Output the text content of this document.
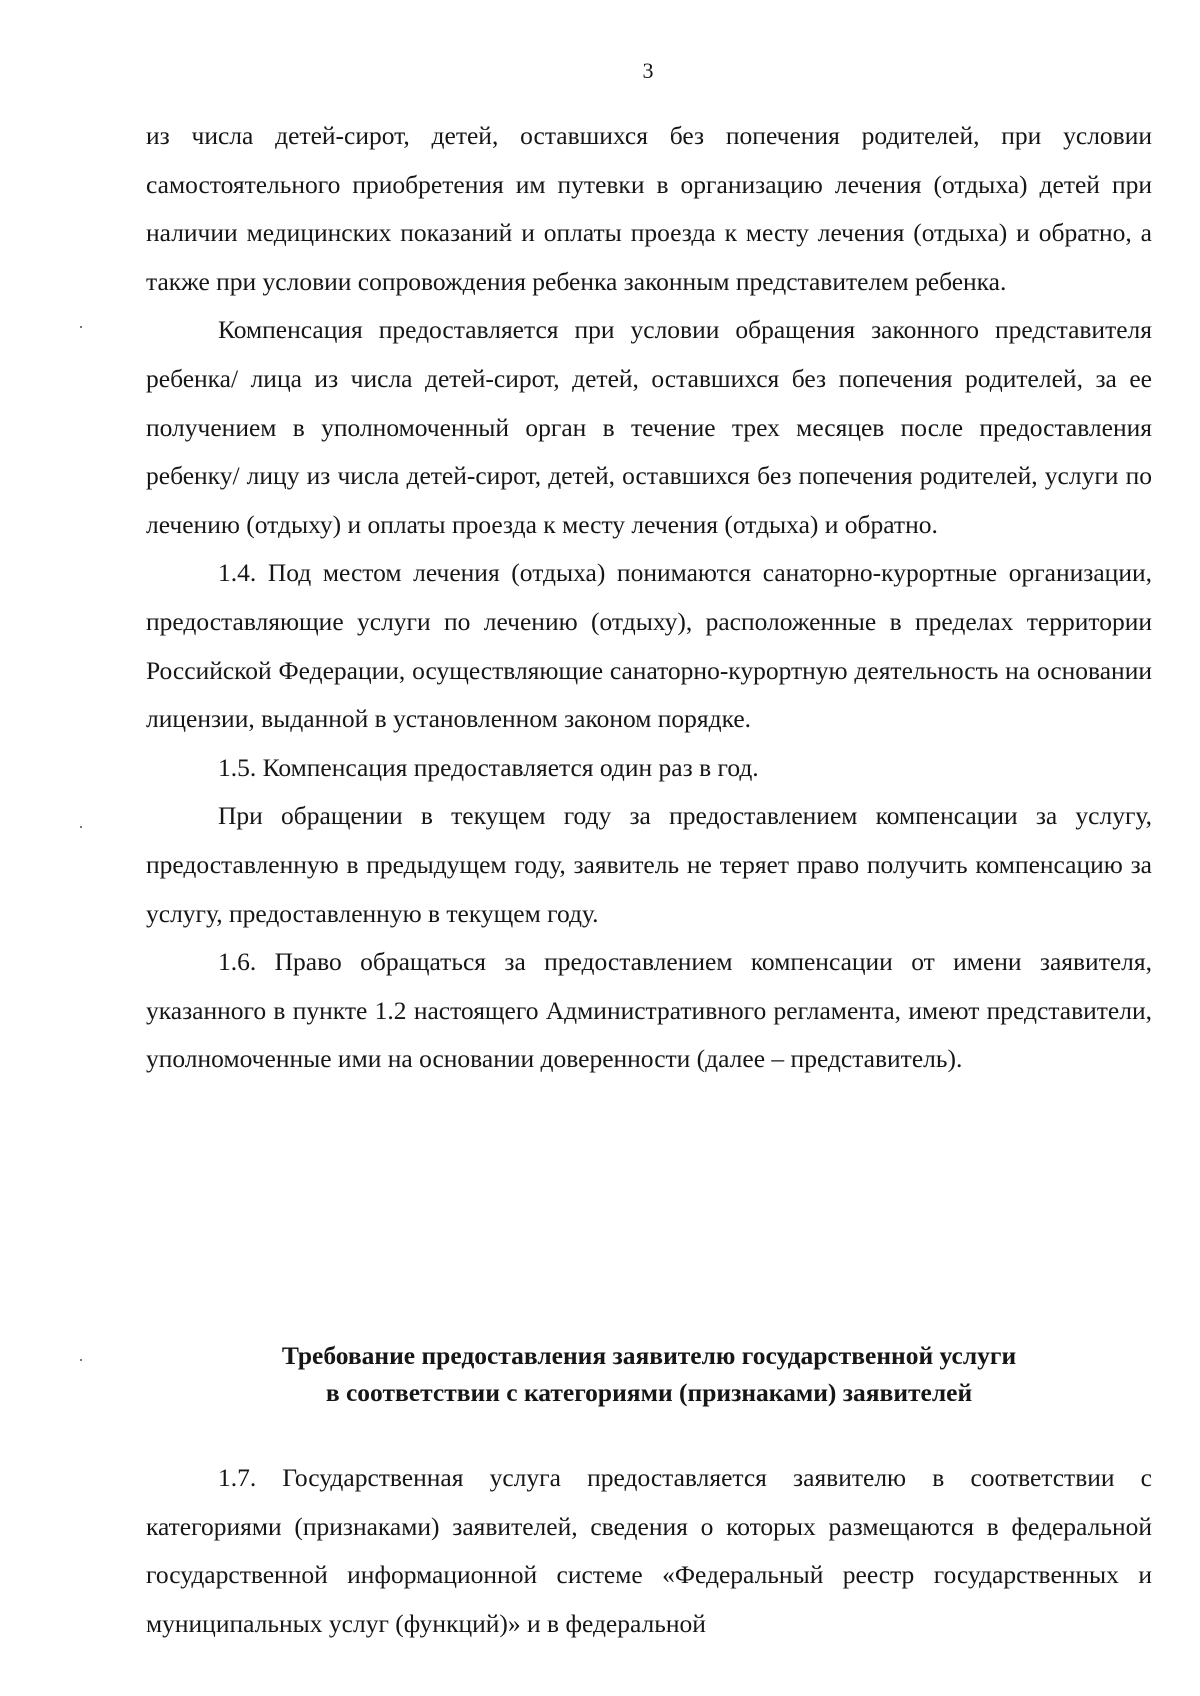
3

из числа детей-сирот, детей, оставшихся без попечения родителей, при условии самостоятельного приобретения им путевки в организацию лечения (отдыха) детей при наличии медицинских показаний и оплаты проезда к месту лечения (отдыха) и обратно, а также при условии сопровождения ребенка законным представителем ребенка.

Компенсация предоставляется при условии обращения законного представителя ребенка/ лица из числа детей-сирот, детей, оставшихся без попечения родителей, за ее получением в уполномоченный орган в течение трех месяцев после предоставления ребенку/ лицу из числа детей-сирот, детей, оставшихся без попечения родителей, услуги по лечению (отдыху) и оплаты проезда к месту лечения (отдыха) и обратно.

1.4. Под местом лечения (отдыха) понимаются санаторно-курортные организации, предоставляющие услуги по лечению (отдыху), расположенные в пределах территории Российской Федерации, осуществляющие санаторно-курортную деятельность на основании лицензии, выданной в установленном законом порядке.

1.5. Компенсация предоставляется один раз в год.

При обращении в текущем году за предоставлением компенсации за услугу, предоставленную в предыдущем году, заявитель не теряет право получить компенсацию за услугу, предоставленную в текущем году.

1.6. Право обращаться за предоставлением компенсации от имени заявителя, указанного в пункте 1.2 настоящего Административного регламента, имеют представители, уполномоченные ими на основании доверенности (далее – представитель).

Требование предоставления заявителю государственной услуги
в соответствии с категориями (признаками) заявителей

1.7. Государственная услуга предоставляется заявителю в соответствии с категориями (признаками) заявителей, сведения о которых размещаются в федеральной государственной информационной системе «Федеральный реестр государственных и муниципальных услуг (функций)» и в федеральной
